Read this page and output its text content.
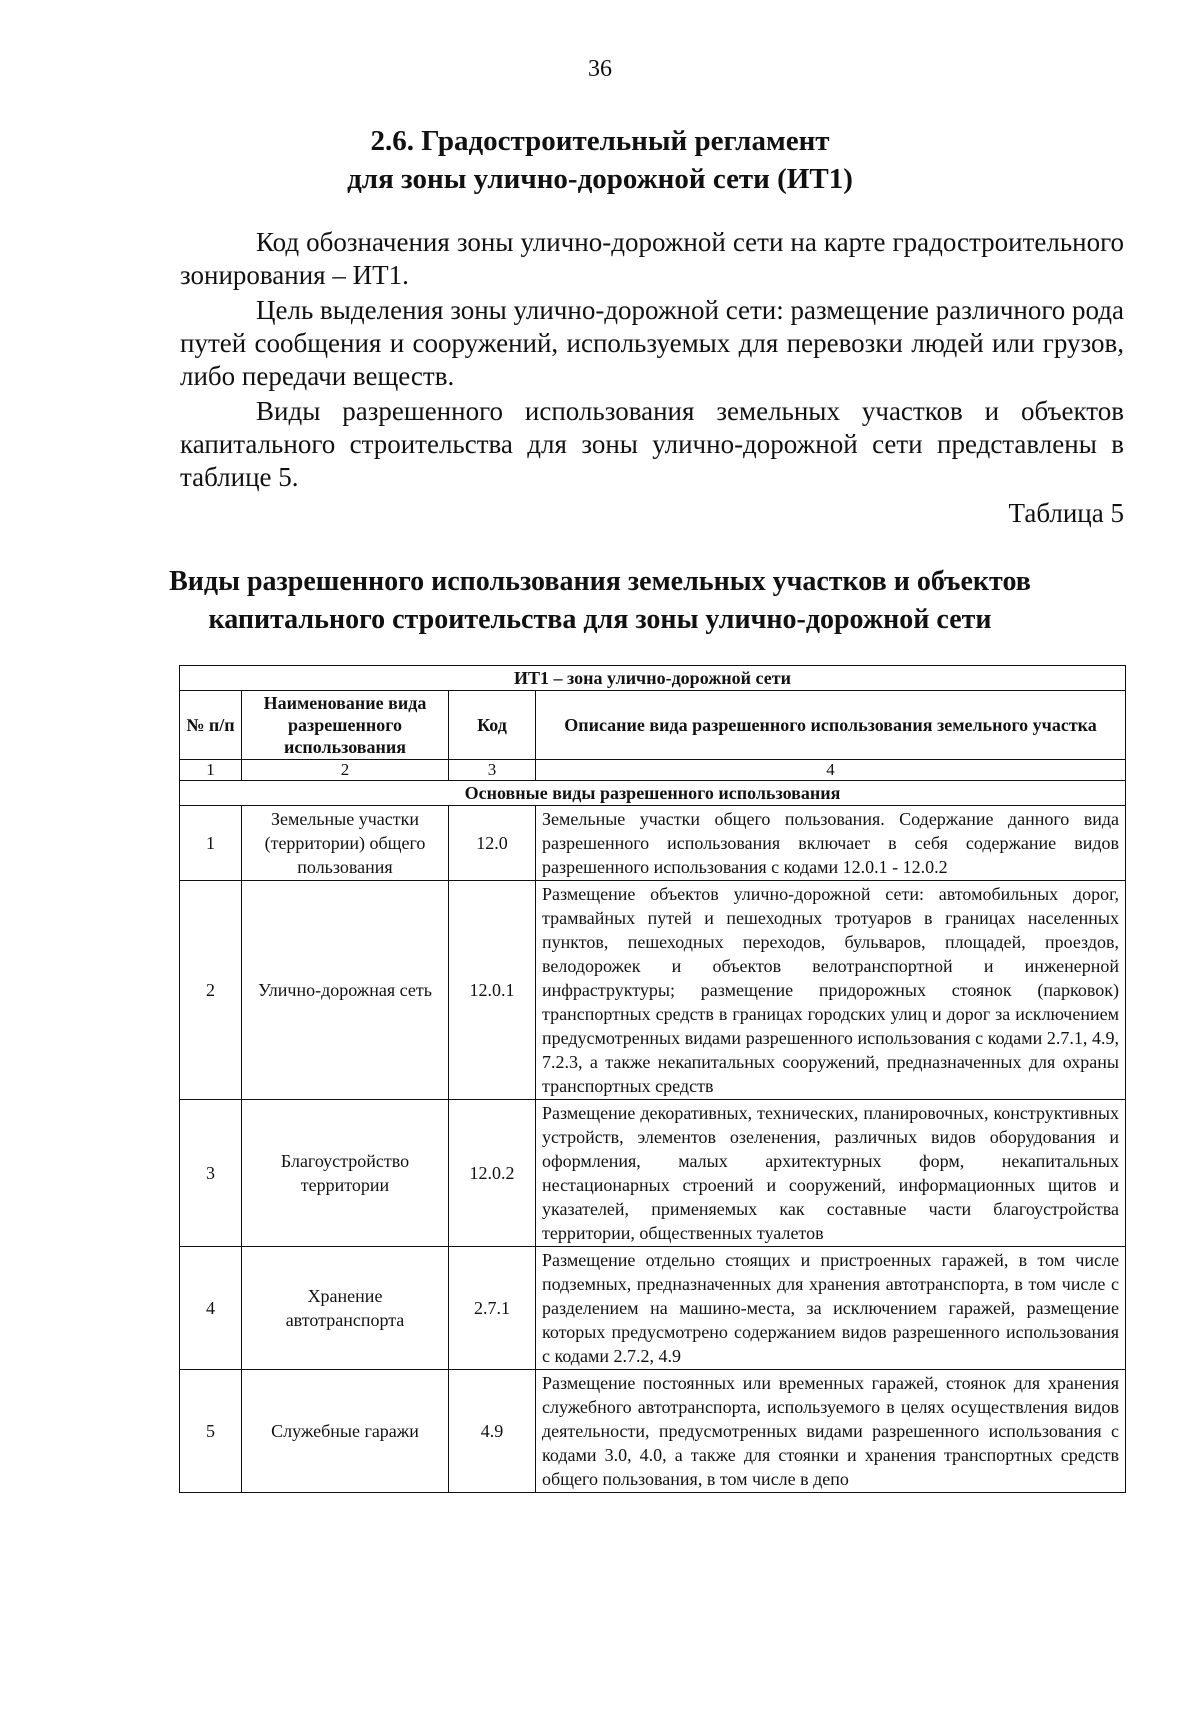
36
2.6. Градостроительный регламент
для зоны улично-дорожной сети (ИТ1)

Код обозначения зоны улично-дорожной сети на карте градостроительного зонирования – ИТ1.

Цель выделения зоны улично-дорожной сети: размещение различного рода путей сообщения и сооружений, используемых для перевозки людей или грузов, либо передачи веществ.

Виды разрешенного использования земельных участков и объектов капитального строительства для зоны улично-дорожной сети представлены в таблице 5.

Таблица 5
Виды разрешенного использования земельных участков и объектов
капитального строительства для зоны улично-дорожной сети
ИТ1 – зона улично-дорожной сети			
№ п/п	Наименование вида разрешенного использования	Код	Описание вида разрешенного использования земельного участка
1	2	3	4
Основные виды разрешенного использования			
1	Земельные участки (территории) общего пользования	12.0	Земельные участки общего пользования. Содержание данного вида разрешенного использования включает в себя содержание видов разрешенного использования с кодами 12.0.1 - 12.0.2
2	Улично-дорожная сеть	12.0.1	Размещение объектов улично-дорожной сети: автомобильных дорог, трамвайных путей и пешеходных тротуаров в границах населенных пунктов, пешеходных переходов, бульваров, площадей, проездов, велодорожек и объектов велотранспортной и инженерной инфраструктуры; размещение придорожных стоянок (парковок) транспортных средств в границах городских улиц и дорог за исключением предусмотренных видами разрешенного использования с кодами 2.7.1, 4.9, 7.2.3, а также некапитальных сооружений, предназначенных для охраны транспортных средств
3	Благоустройство территории	12.0.2	Размещение декоративных, технических, планировочных, конструктивных устройств, элементов озеленения, различных видов оборудования и оформления, малых архитектурных форм, некапитальных нестационарных строений и сооружений, информационных щитов и указателей, применяемых как составные части благоустройства территории, общественных туалетов
4	Хранение автотранспорта	2.7.1	Размещение отдельно стоящих и пристроенных гаражей, в том числе подземных, предназначенных для хранения автотранспорта, в том числе с разделением на машино-места, за исключением гаражей, размещение которых предусмотрено содержанием видов разрешенного использования с кодами 2.7.2, 4.9
5	Служебные гаражи	4.9	Размещение постоянных или временных гаражей, стоянок для хранения служебного автотранспорта, используемого в целях осуществления видов деятельности, предусмотренных видами разрешенного использования с кодами 3.0, 4.0, а также для стоянки и хранения транспортных средств общего пользования, в том числе в депо
